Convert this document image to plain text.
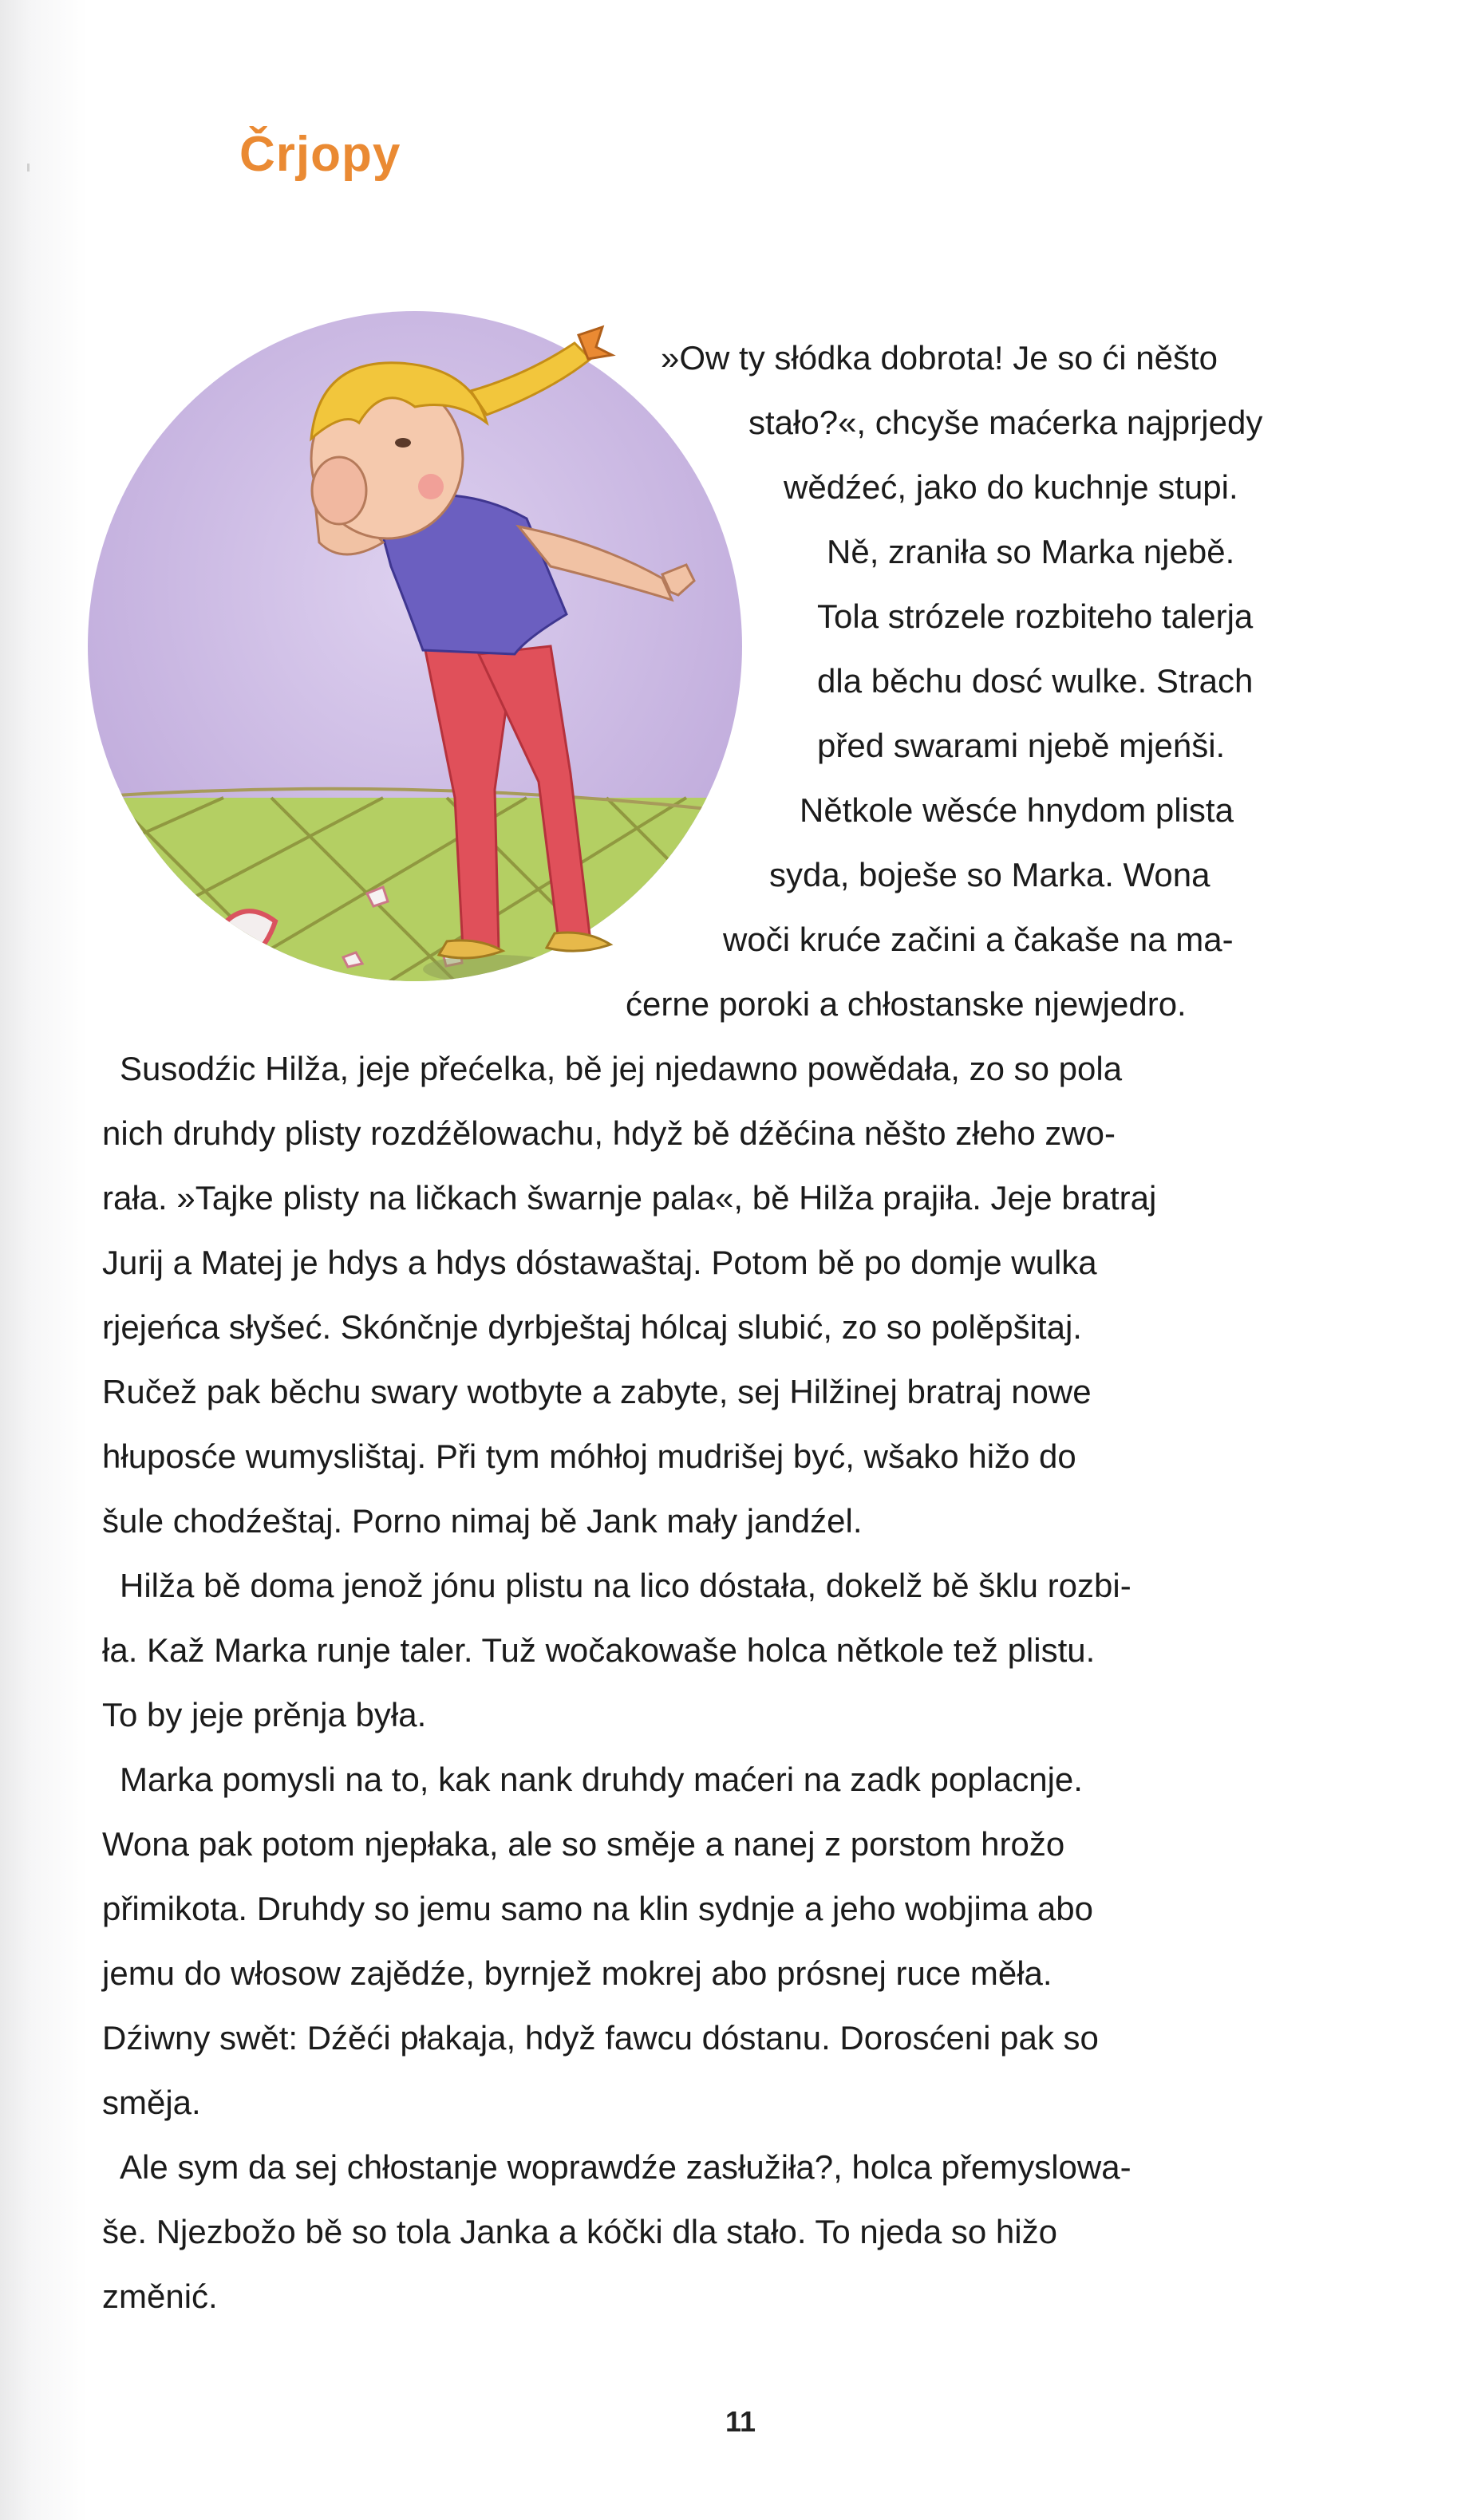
Črjopy

»Ow ty słódka dobrota! Je so ći něšto

stało?«, chcyše maćerka najprjedy

wědźeć, jako do kuchnje stupi.

Ně, zraniła so Marka njebě.

Tola strózele rozbiteho talerja

dla běchu dosć wulke. Strach

před swarami njebě mjeńši.

Nětkole wěsće hnydom plista

syda, boješe so Marka. Wona

woči kruće začini a čakaše na ma-

ćerne poroki a chłostanske njewjedro.

Susodźic Hilža, jeje přećelka, bě jej njedawno powědała, zo so pola

nich druhdy plisty rozdźělowachu, hdyž bě dźěćina něšto złeho zwo-

rała. »Tajke plisty na ličkach šwarnje pala«, bě Hilža prajiła. Jeje bratraj

Jurij a Matej je hdys a hdys dóstawaštaj. Potom bě po domje wulka

rjejeńca słyšeć. Skónčnje dyrbještaj hólcaj slubić, zo so polěpšitaj.

Ručež pak běchu swary wotbyte a zabyte, sej Hilžinej bratraj nowe

hłuposće wumyslištaj. Při tym móhłoj mudrišej być, wšako hižo do

šule chodźeštaj. Porno nimaj bě Jank mały jandźel.

Hilža bě doma jenož jónu plistu na lico dóstała, dokelž bě šklu rozbi-

ła. Kaž Marka runje taler. Tuž wočakowaše holca nětkole tež plistu.

To by jeje prěnja była.

Marka pomysli na to, kak nank druhdy maćeri na zadk poplacnje.

Wona pak potom njepłaka, ale so směje a nanej z porstom hrožo

přimikota. Druhdy so jemu samo na klin sydnje a jeho wobjima abo

jemu do włosow zajědźe, byrnjež mokrej abo prósnej ruce měła.

Dźiwny swět: Dźěći płakaja, hdyž fawcu dóstanu. Dorosćeni pak so

směja.

Ale sym da sej chłostanje woprawdźe zasłužiła?, holca přemyslowa-

še. Njezbožo bě so tola Janka a kóčki dla stało. To njeda so hižo

změnić.

11
